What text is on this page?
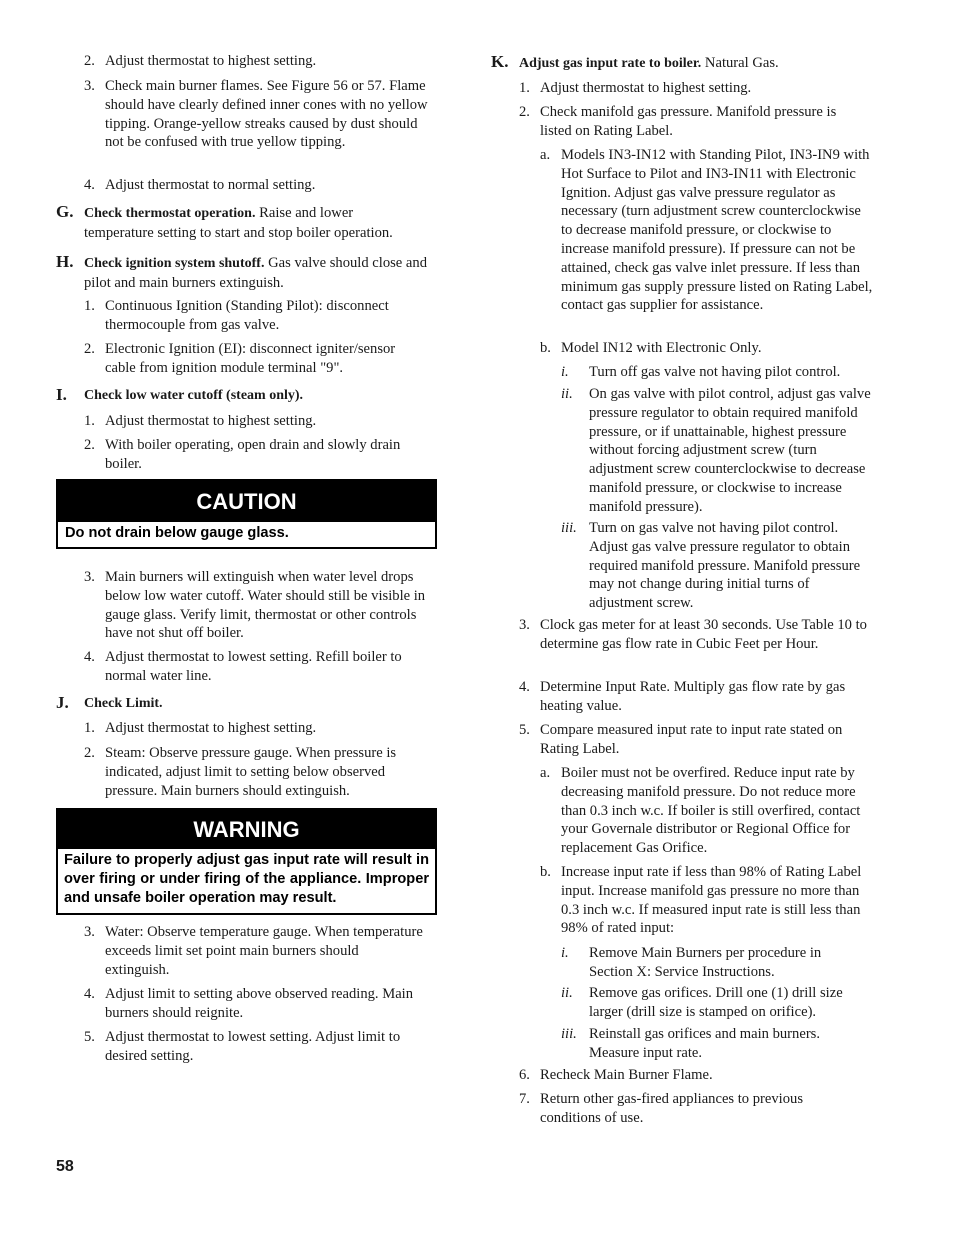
2. Adjust thermostat to highest setting.
3. Check main burner flames. See Figure 56 or 57. Flame should have clearly defined inner cones with no yellow tipping. Orange-yellow streaks caused by dust should not be confused with true yellow tipping.
4. Adjust thermostat to normal setting.
G. Check thermostat operation. Raise and lower temperature setting to start and stop boiler operation.
H. Check ignition system shutoff. Gas valve should close and pilot and main burners extinguish.
1. Continuous Ignition (Standing Pilot): disconnect thermocouple from gas valve.
2. Electronic Ignition (EI): disconnect igniter/sensor cable from ignition module terminal "9".
I. Check low water cutoff (steam only).
1. Adjust thermostat to highest setting.
2. With boiler operating, open drain and slowly drain boiler.
CAUTION
Do not drain below gauge glass.
3. Main burners will extinguish when water level drops below low water cutoff. Water should still be visible in gauge glass. Verify limit, thermostat or other controls have not shut off boiler.
4. Adjust thermostat to lowest setting. Refill boiler to normal water line.
J. Check Limit.
1. Adjust thermostat to highest setting.
2. Steam: Observe pressure gauge. When pressure is indicated, adjust limit to setting below observed pressure. Main burners should extinguish.
WARNING
Failure to properly adjust gas input rate will result in over firing or under firing of the appliance. Improper and unsafe boiler operation may result.
3. Water: Observe temperature gauge. When temperature exceeds limit set point main burners should extinguish.
4. Adjust limit to setting above observed reading. Main burners should reignite.
5. Adjust thermostat to lowest setting. Adjust limit to desired setting.
K. Adjust gas input rate to boiler. Natural Gas.
1. Adjust thermostat to highest setting.
2. Check manifold gas pressure. Manifold pressure is listed on Rating Label.
a. Models IN3-IN12 with Standing Pilot, IN3-IN9 with Hot Surface to Pilot and IN3-IN11 with Electronic Ignition. Adjust gas valve pressure regulator as necessary (turn adjustment screw counterclockwise to decrease manifold pressure, or clockwise to increase manifold pressure). If pressure can not be attained, check gas valve inlet pressure. If less than minimum gas supply pressure listed on Rating Label, contact gas supplier for assistance.
b. Model IN12 with Electronic Only.
i. Turn off gas valve not having pilot control.
ii. On gas valve with pilot control, adjust gas valve pressure regulator to obtain required manifold pressure, or if unattainable, highest pressure without forcing adjustment screw (turn adjustment screw counterclockwise to decrease manifold pressure, or clockwise to increase manifold pressure).
iii. Turn on gas valve not having pilot control. Adjust gas valve pressure regulator to obtain required manifold pressure. Manifold pressure may not change during initial turns of adjustment screw.
3. Clock gas meter for at least 30 seconds. Use Table 10 to determine gas flow rate in Cubic Feet per Hour.
4. Determine Input Rate. Multiply gas flow rate by gas heating value.
5. Compare measured input rate to input rate stated on Rating Label.
a. Boiler must not be overfired. Reduce input rate by decreasing manifold pressure. Do not reduce more than 0.3 inch w.c. If boiler is still overfired, contact your Governale distributor or Regional Office for replacement Gas Orifice.
b. Increase input rate if less than 98% of Rating Label input. Increase manifold gas pressure no more than 0.3 inch w.c. If measured input rate is still less than 98% of rated input:
i. Remove Main Burners per procedure in Section X: Service Instructions.
ii. Remove gas orifices. Drill one (1) drill size larger (drill size is stamped on orifice).
iii. Reinstall gas orifices and main burners. Measure input rate.
6. Recheck Main Burner Flame.
7. Return other gas-fired appliances to previous conditions of use.
58
